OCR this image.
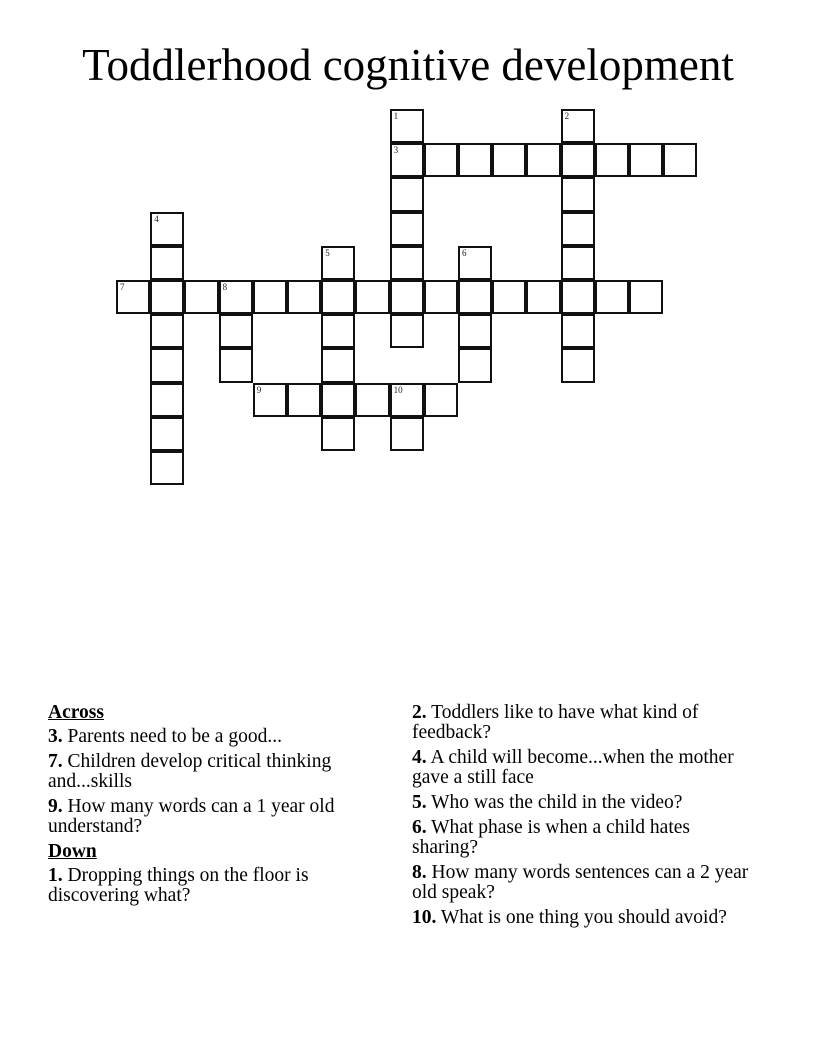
Toddlerhood cognitive development
1
3
2
4
5	6
7	8
9	10
Across
3. Parents need to be a good...
7. Children develop critical thinking and...skills
9. How many words can a 1 year old understand?
Down
1. Dropping things on the floor is discovering what?
2. Toddlers like to have what kind of feedback?
4. A child will become...when the mother gave a still face
5. Who was the child in the video?
6. What phase is when a child hates sharing?
8. How many words sentences can a 2 year old speak?
10. What is one thing you should avoid?
